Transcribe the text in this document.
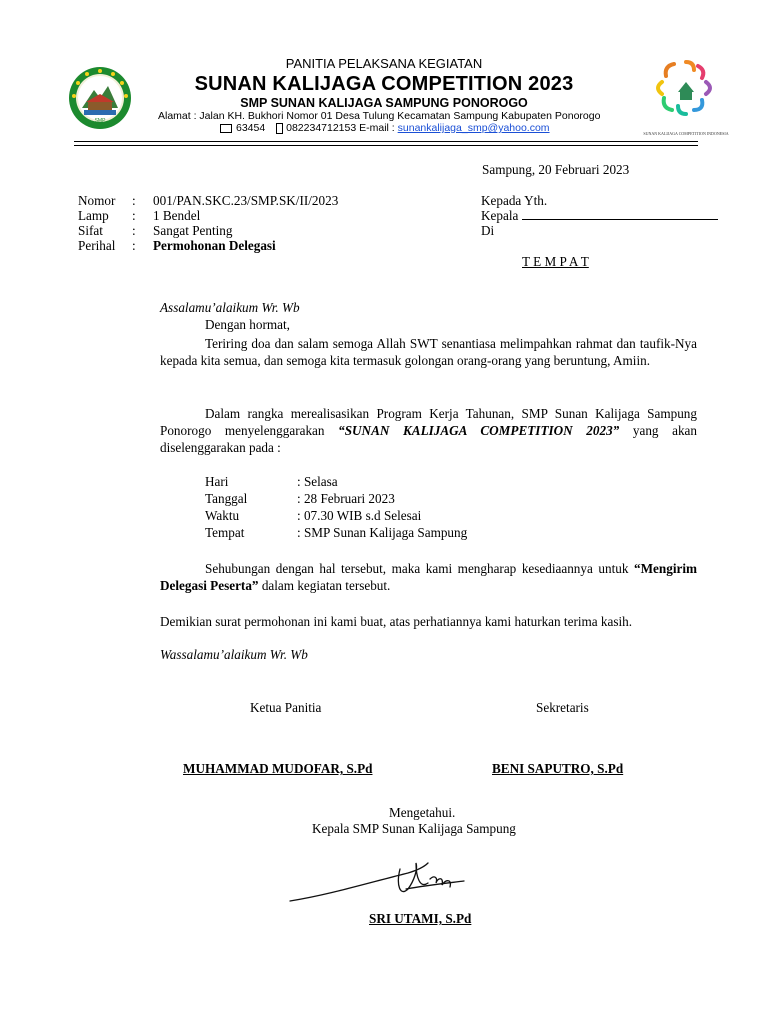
SMP
SUNAN KALIJAGA COMPETITION INDONESIA
PANITIA PELAKSANA KEGIATAN
SUNAN KALIJAGA COMPETITION 2023
SMP SUNAN KALIJAGA SAMPUNG PONOROGO
Alamat : Jalan KH. Bukhori Nomor 01 Desa Tulung Kecamatan Sampung Kabupaten Ponorogo
63454 082234712153 E-mail : sunankalijaga_smp@yahoo.com
Sampung, 20 Februari 2023
Nomor : 001/PAN.SKC.23/SMP.SK/II/2023
Lamp : 1 Bendel
Sifat : Sangat Penting
Perihal : Permohonan Delegasi
Kepada Yth.
Kepala
Di
T E M P A T
Assalamu’alaikum Wr. Wb
Dengan hormat,
Teriring doa dan salam semoga Allah SWT senantiasa melimpahkan rahmat dan taufik-Nya kepada kita semua, dan semoga kita termasuk golongan orang-orang yang beruntung, Amiin.
Dalam rangka merealisasikan Program Kerja Tahunan, SMP Sunan Kalijaga Sampung Ponorogo menyelenggarakan “SUNAN KALIJAGA COMPETITION 2023” yang akan diselenggarakan pada :
Hari	: Selasa
Tanggal	: 28 Februari 2023
Waktu	: 07.30 WIB s.d Selesai
Tempat	: SMP Sunan Kalijaga Sampung
Sehubungan dengan hal tersebut, maka kami mengharap kesediaannya untuk “Mengirim Delegasi Peserta” dalam kegiatan tersebut.
Demikian surat permohonan ini kami buat, atas perhatiannya kami haturkan terima kasih.
Wassalamu’alaikum Wr. Wb
Ketua Panitia	Sekretaris
MUHAMMAD MUDOFAR, S.Pd	BENI SAPUTRO, S.Pd
Mengetahui.
Kepala SMP Sunan Kalijaga Sampung
SRI UTAMI, S.Pd
